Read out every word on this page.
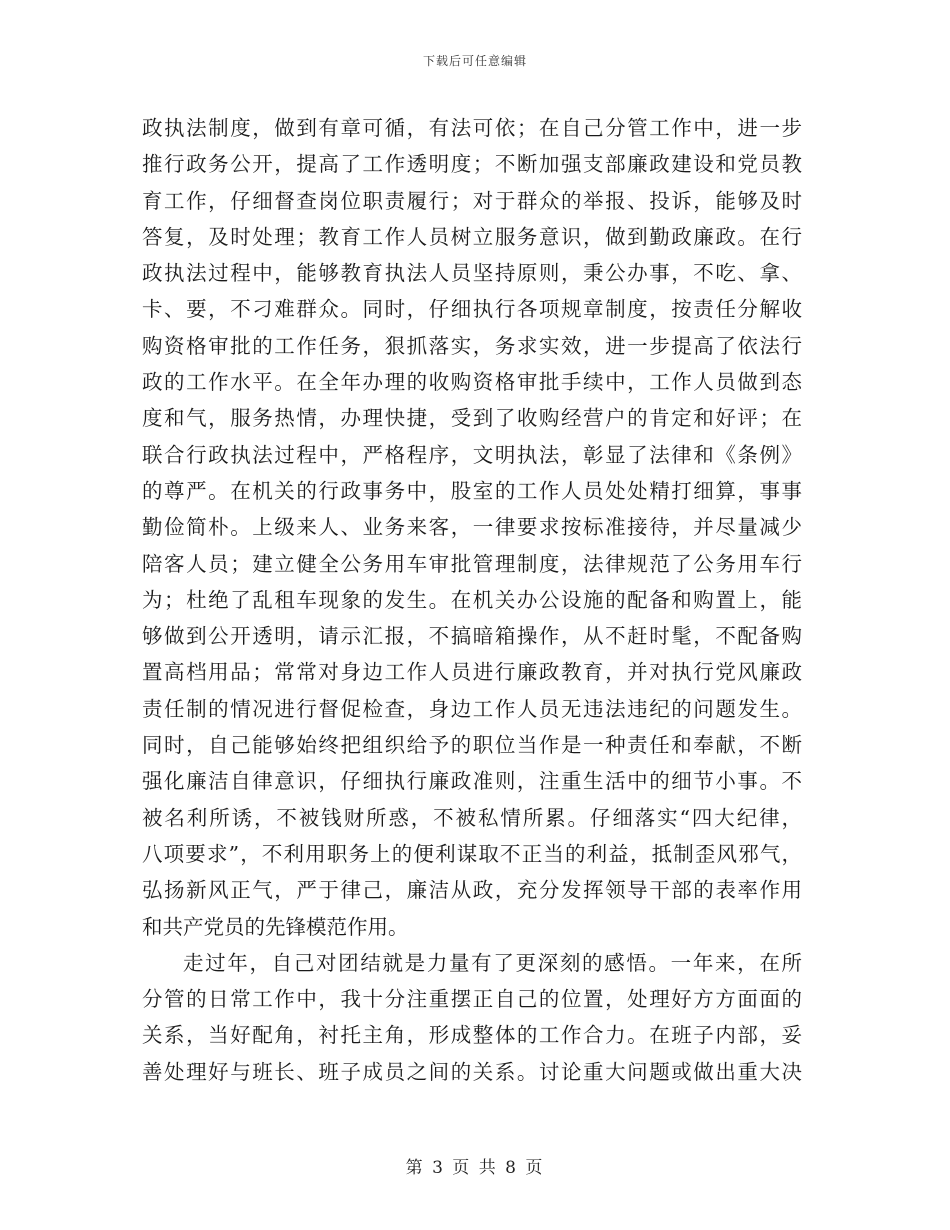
下载后可任意编辑
政执法制度，做到有章可循，有法可依；在自己分管工作中，进一步
推行政务公开，提高了工作透明度；不断加强支部廉政建设和党员教
育工作，仔细督查岗位职责履行；对于群众的举报、投诉，能够及时
答复，及时处理；教育工作人员树立服务意识，做到勤政廉政。在行
政执法过程中，能够教育执法人员坚持原则，秉公办事，不吃、拿、
卡、要，不刁难群众。同时，仔细执行各项规章制度，按责任分解收
购资格审批的工作任务，狠抓落实，务求实效，进一步提高了依法行
政的工作水平。在全年办理的收购资格审批手续中，工作人员做到态
度和气，服务热情，办理快捷，受到了收购经营户的肯定和好评；在
联合行政执法过程中，严格程序，文明执法，彰显了法律和《条例》
的尊严。在机关的行政事务中，股室的工作人员处处精打细算，事事
勤俭简朴。上级来人、业务来客，一律要求按标准接待，并尽量减少
陪客人员；建立健全公务用车审批管理制度，法律规范了公务用车行
为；杜绝了乱租车现象的发生。在机关办公设施的配备和购置上，能
够做到公开透明，请示汇报，不搞暗箱操作，从不赶时髦，不配备购
置高档用品；常常对身边工作人员进行廉政教育，并对执行党风廉政
责任制的情况进行督促检查，身边工作人员无违法违纪的问题发生。
同时，自己能够始终把组织给予的职位当作是一种责任和奉献，不断
强化廉洁自律意识，仔细执行廉政准则，注重生活中的细节小事。不
被名利所诱，不被钱财所惑，不被私情所累。仔细落实“四大纪律，
八项要求”，不利用职务上的便利谋取不正当的利益，抵制歪风邪气，
弘扬新风正气，严于律己，廉洁从政，充分发挥领导干部的表率作用
和共产党员的先锋模范作用。
走过年，自己对团结就是力量有了更深刻的感悟。一年来，在所
分管的日常工作中，我十分注重摆正自己的位置，处理好方方面面的
关系，当好配角，衬托主角，形成整体的工作合力。在班子内部，妥
善处理好与班长、班子成员之间的关系。讨论重大问题或做出重大决
第 3 页 共 8 页
